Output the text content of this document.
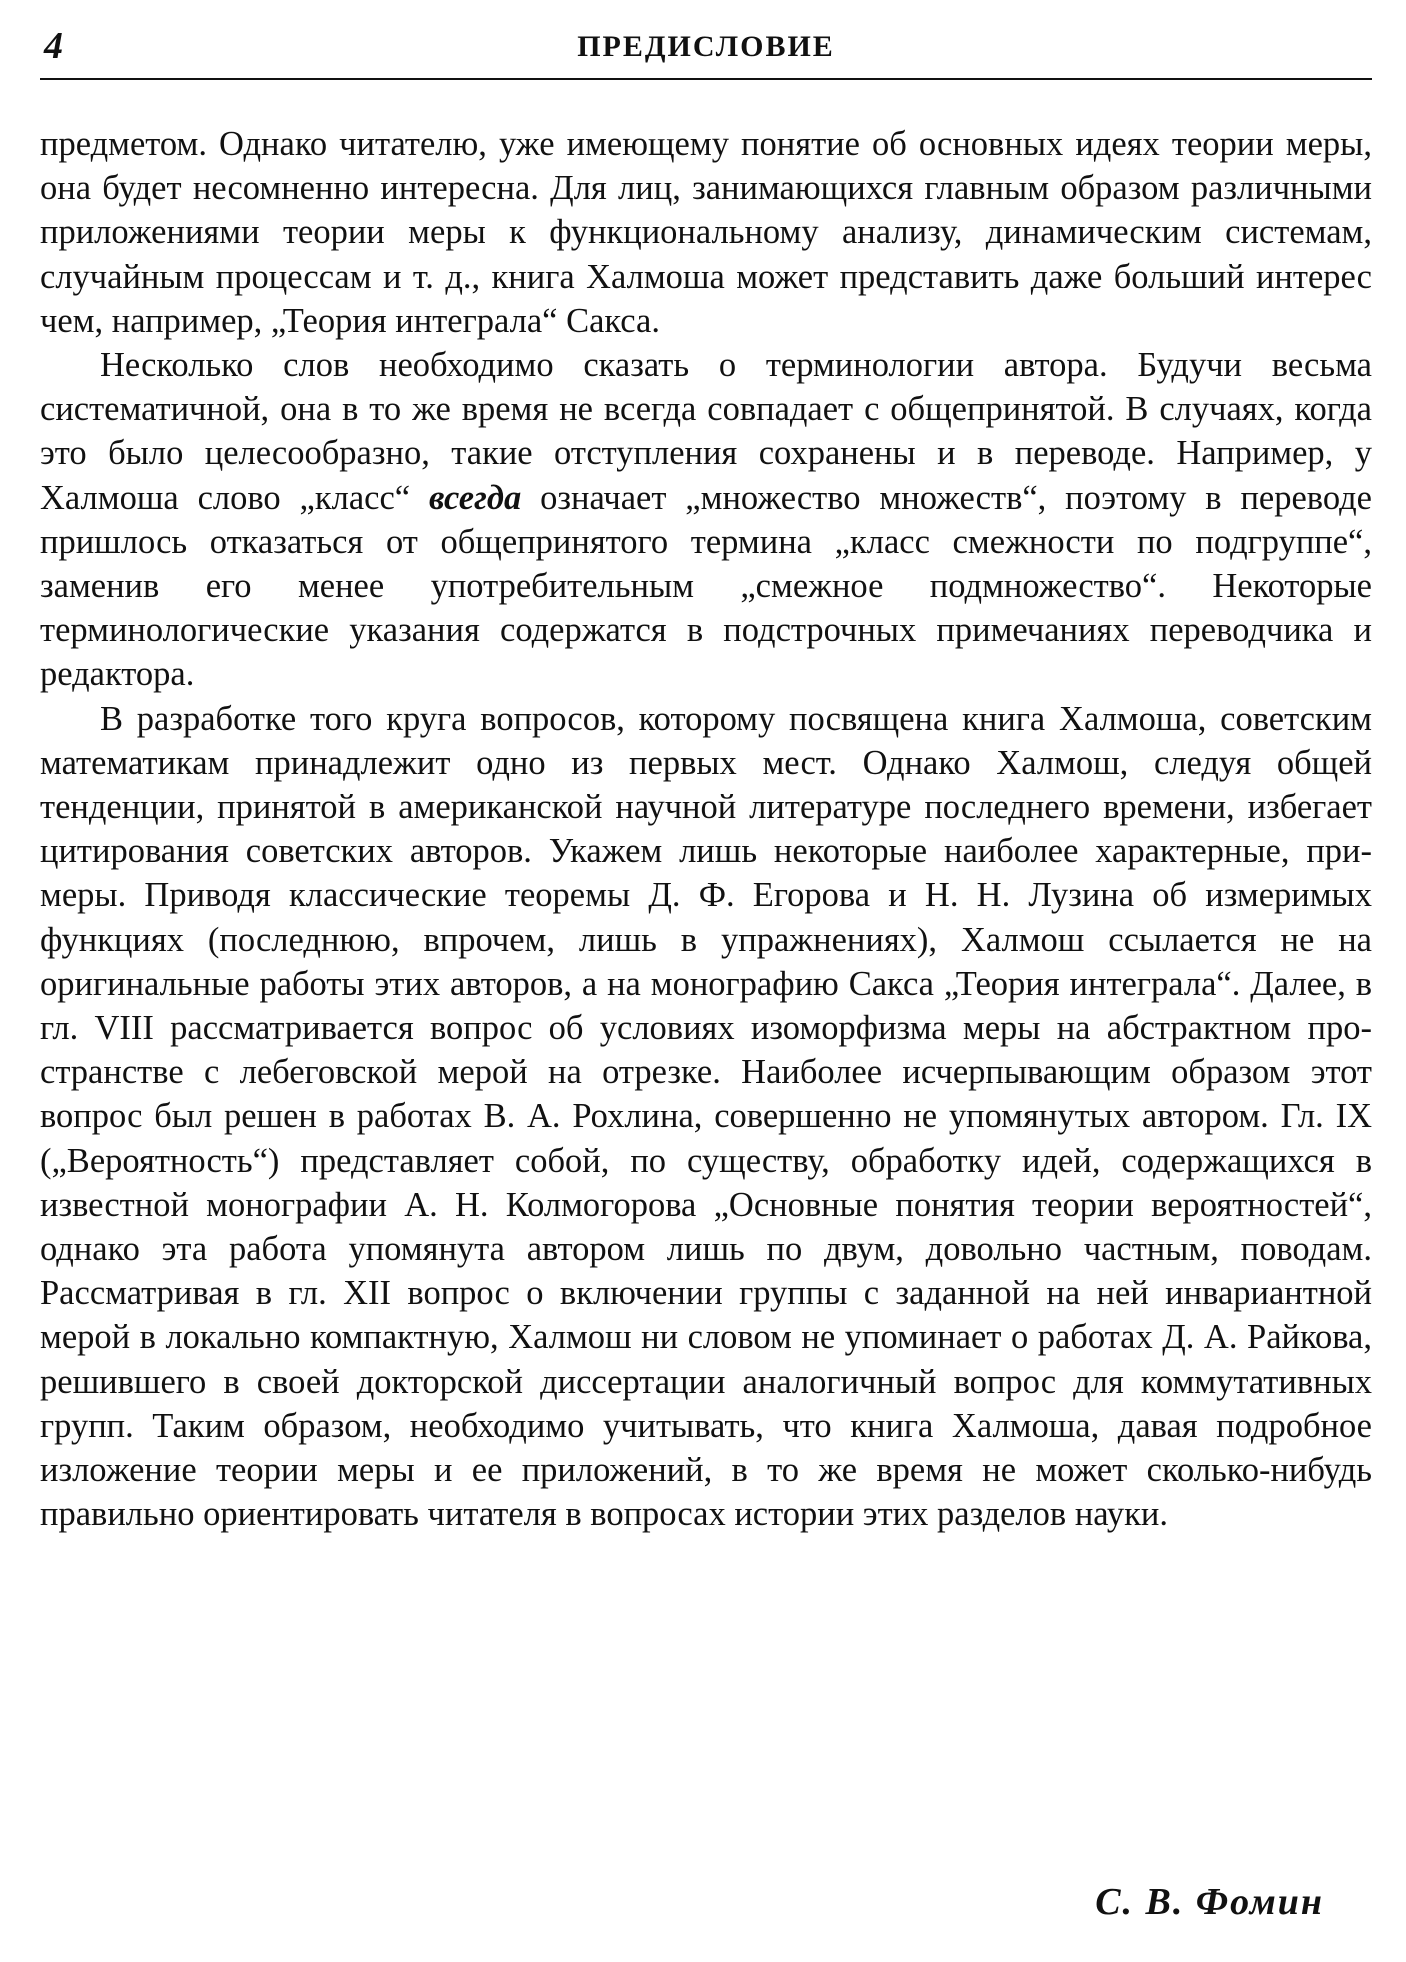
4	ПРЕДИСЛОВИЕ

предметом. Однако читателю, уже имеющему понятие об основных идеях теории меры, она будет несомненно интересна. Для лиц, занимающихся главным образом различными приложениями теории меры к функциональному анализу, динамическим системам, случайным процессам и т. д., книга Халмоша может представить даже больший интерес чем, например, „Теория интеграла“ Сакса.

Несколько слов необходимо сказать о терминологии автора. Будучи весьма систематичной, она в то же время не всегда совпадает с общепринятой. В случаях, когда это было целесообразно, такие отступления сохранены и в переводе. Например, у Халмоша слово „класс“ всегда означает „множество множеств“, поэтому в переводе пришлось отказаться от общепринятого термина „класс смежности по подгруппе“, заменив его менее употребительным „смежное подмножество“. Некоторые терминологические указания содержатся в подстрочных примечаниях переводчика и редактора.

В разработке того круга вопросов, которому посвящена книга Халмоша, советским математикам принадлежит одно из первых мест. Однако Халмош, следуя общей тенденции, принятой в американской научной литературе последнего времени, избегает цитирования советских авторов. Укажем лишь некоторые наиболее характерные, примеры. Приводя классические теоремы Д. Ф. Егорова и Н. Н. Лузина об измеримых функциях (последнюю, впрочем, лишь в упражнениях), Халмош ссылается не на оригинальные работы этих авторов, а на монографию Сакса „Теория интеграла“. Далее, в гл. VIII рассматривается вопрос об условиях изоморфизма меры на абстрактном пространстве с лебеговской мерой на отрезке. Наиболее исчерпывающим образом этот вопрос был решен в работах В. А. Рохлина, совершенно не упомянутых автором. Гл. IX („Вероятность“) представляет собой, по существу, обработку идей, содержащихся в известной монографии А. Н. Колмогорова „Основные понятия теории вероятностей“, однако эта работа упомянута автором лишь по двум, довольно частным, поводам. Рассматривая в гл. XII вопрос о включении группы с заданной на ней инвариантной мерой в локально компактную, Халмош ни словом не упоминает о работах Д. А. Райкова, решившего в своей докторской диссертации аналогичный вопрос для коммутативных групп. Таким образом, необходимо учитывать, что книга Халмоша, давая подробное изложение теории меры и ее приложений, в то же время не может сколько-нибудь правильно ориентировать читателя в вопросах истории этих разделов науки.

С. В. Фомин
